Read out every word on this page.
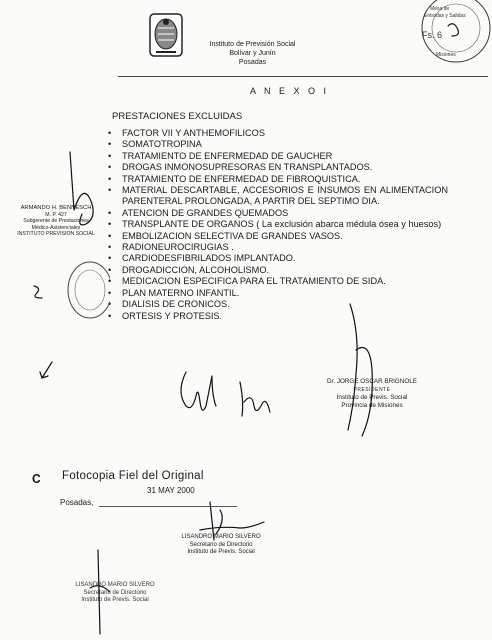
Instituto de Previsión Social
Bolívar y Junín
Posadas
Mesa de
Entradas y Salidas
Fs. 6
Misiones
A N E X O I
PRESTACIONES EXCLUIDAS
• FACTOR VII Y ANTHEMOFILICOS
• SOMATOTROPINA
• TRATAMIENTO DE ENFERMEDAD DE GAUCHER
• DROGAS INMONOSUPRESORAS EN TRANSPLANTADOS.
• TRATAMIENTO DE ENFERMEDAD DE FIBROQUISTICA.
• MATERIAL DESCARTABLE, ACCESORIOS E INSUMOS EN ALIMENTACION PARENTERAL PROLONGADA, A PARTIR DEL SEPTIMO DIA.
• ATENCION DE GRANDES QUEMADOS
• TRANSPLANTE DE ORGANOS ( La exclusión abarca médula ósea y huesos)
• EMBOLIZACION SELECTIVA DE GRANDES VASOS.
• RADIONEUROCIRUGIAS .
• CARDIODESFIBRILADOS IMPLANTADO.
• DROGADICCION, ALCOHOLISMO.
• MEDICACION ESPECIFICA PARA EL TRATAMIENTO DE SIDA.
• PLAN MATERNO INFANTIL.
• DIALISIS DE CRONICOS.
• ORTESIS Y PROTESIS.
ARMANDO H. BENNESCH
M. P. 427
Subgerente de Prestaciones
Médico-Asistenciales
INSTITUTO PREVISION SOCIAL
Dr. JORGE OSCAR BRIGNOLE
PRESIDENTE
Instituto de Previs. Social
Provincia de Misiones
𝐂 Fotocopia Fiel del Original
31 MAY 2000
Posadas,
LISANDRO MARIO SILVERO
Secretario de Directorio
Instituto de Previs. Social
LISANDRO MARIO SILVERO
Secretario de Directorio
Instituto de Previs. Social
